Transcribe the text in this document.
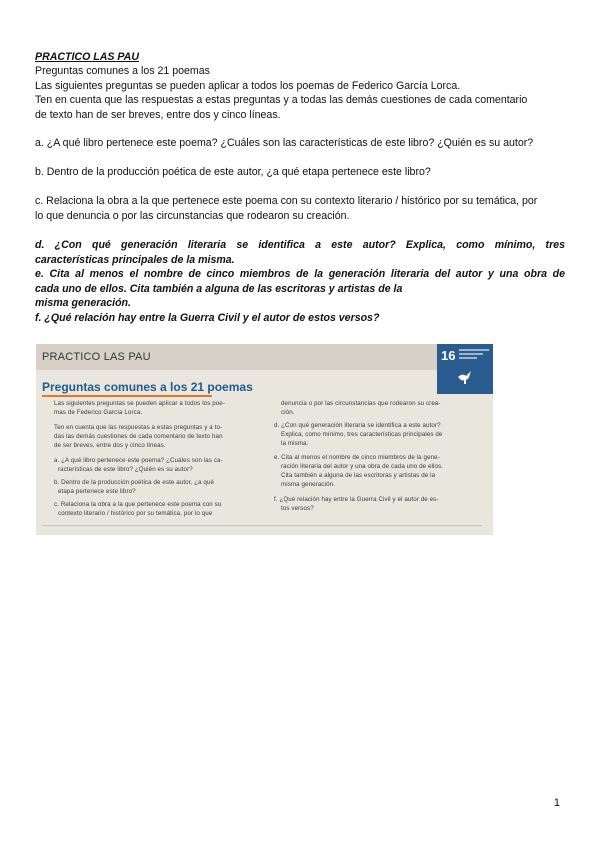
PRACTICO LAS PAU
Preguntas comunes a los 21 poemas
Las siguientes preguntas se pueden aplicar a todos los poemas de Federico García Lorca.
Ten en cuenta que las respuestas a estas preguntas y a todas las demás cuestiones de cada comentario
de texto han de ser breves, entre dos y cinco líneas.
a. ¿A qué libro pertenece este poema? ¿Cuáles son las características de este libro? ¿Quién es su autor?
b. Dentro de la producción poética de este autor, ¿a qué etapa pertenece este libro?
c. Relaciona la obra a la que pertenece este poema con su contexto literario / histórico por su temática, por
lo que denuncia o por las circunstancias que rodearon su creación.
d. ¿Con qué generación literaria se identifica a este autor? Explica, como mínimo, tres
características principales de la misma.
e. Cita al menos el nombre de cinco miembros de la generación literaria del autor y una obra de
cada uno de ellos. Cita también a alguna de las escritoras y artistas de la
misma generación.
f. ¿Qué relación hay entre la Guerra Civil y el autor de estos versos?
PRACTICO LAS PAU	16
Preguntas comunes a los 21 poemas
Las siguientes preguntas se pueden aplicar a todos los poe-
mas de Federico García Lorca.
Ten en cuenta que las respuestas a estas preguntas y a to-
das las demás cuestiones de cada comentario de texto han
de ser breves, entre dos y cinco líneas.
a. ¿A qué libro pertenece este poema? ¿Cuáles son las ca-
racterísticas de este libro? ¿Quién es su autor?
b. Dentro de la producción poética de este autor, ¿a qué
etapa pertenece este libro?
c. Relaciona la obra a la que pertenece este poema con su
contexto literario / histórico por su temática, por lo que
denuncia o por las circunstancias que rodearon su crea-
ción.
d. ¿Con qué generación literaria se identifica a este autor?
Explica, como mínimo, tres características principales de
la misma.
e. Cita al menos el nombre de cinco miembros de la gene-
ración literaria del autor y una obra de cada uno de ellos.
Cita también a alguna de las escritoras y artistas de la
misma generación.
f. ¿Qué relación hay entre la Guerra Civil y el autor de es-
tos versos?
1
